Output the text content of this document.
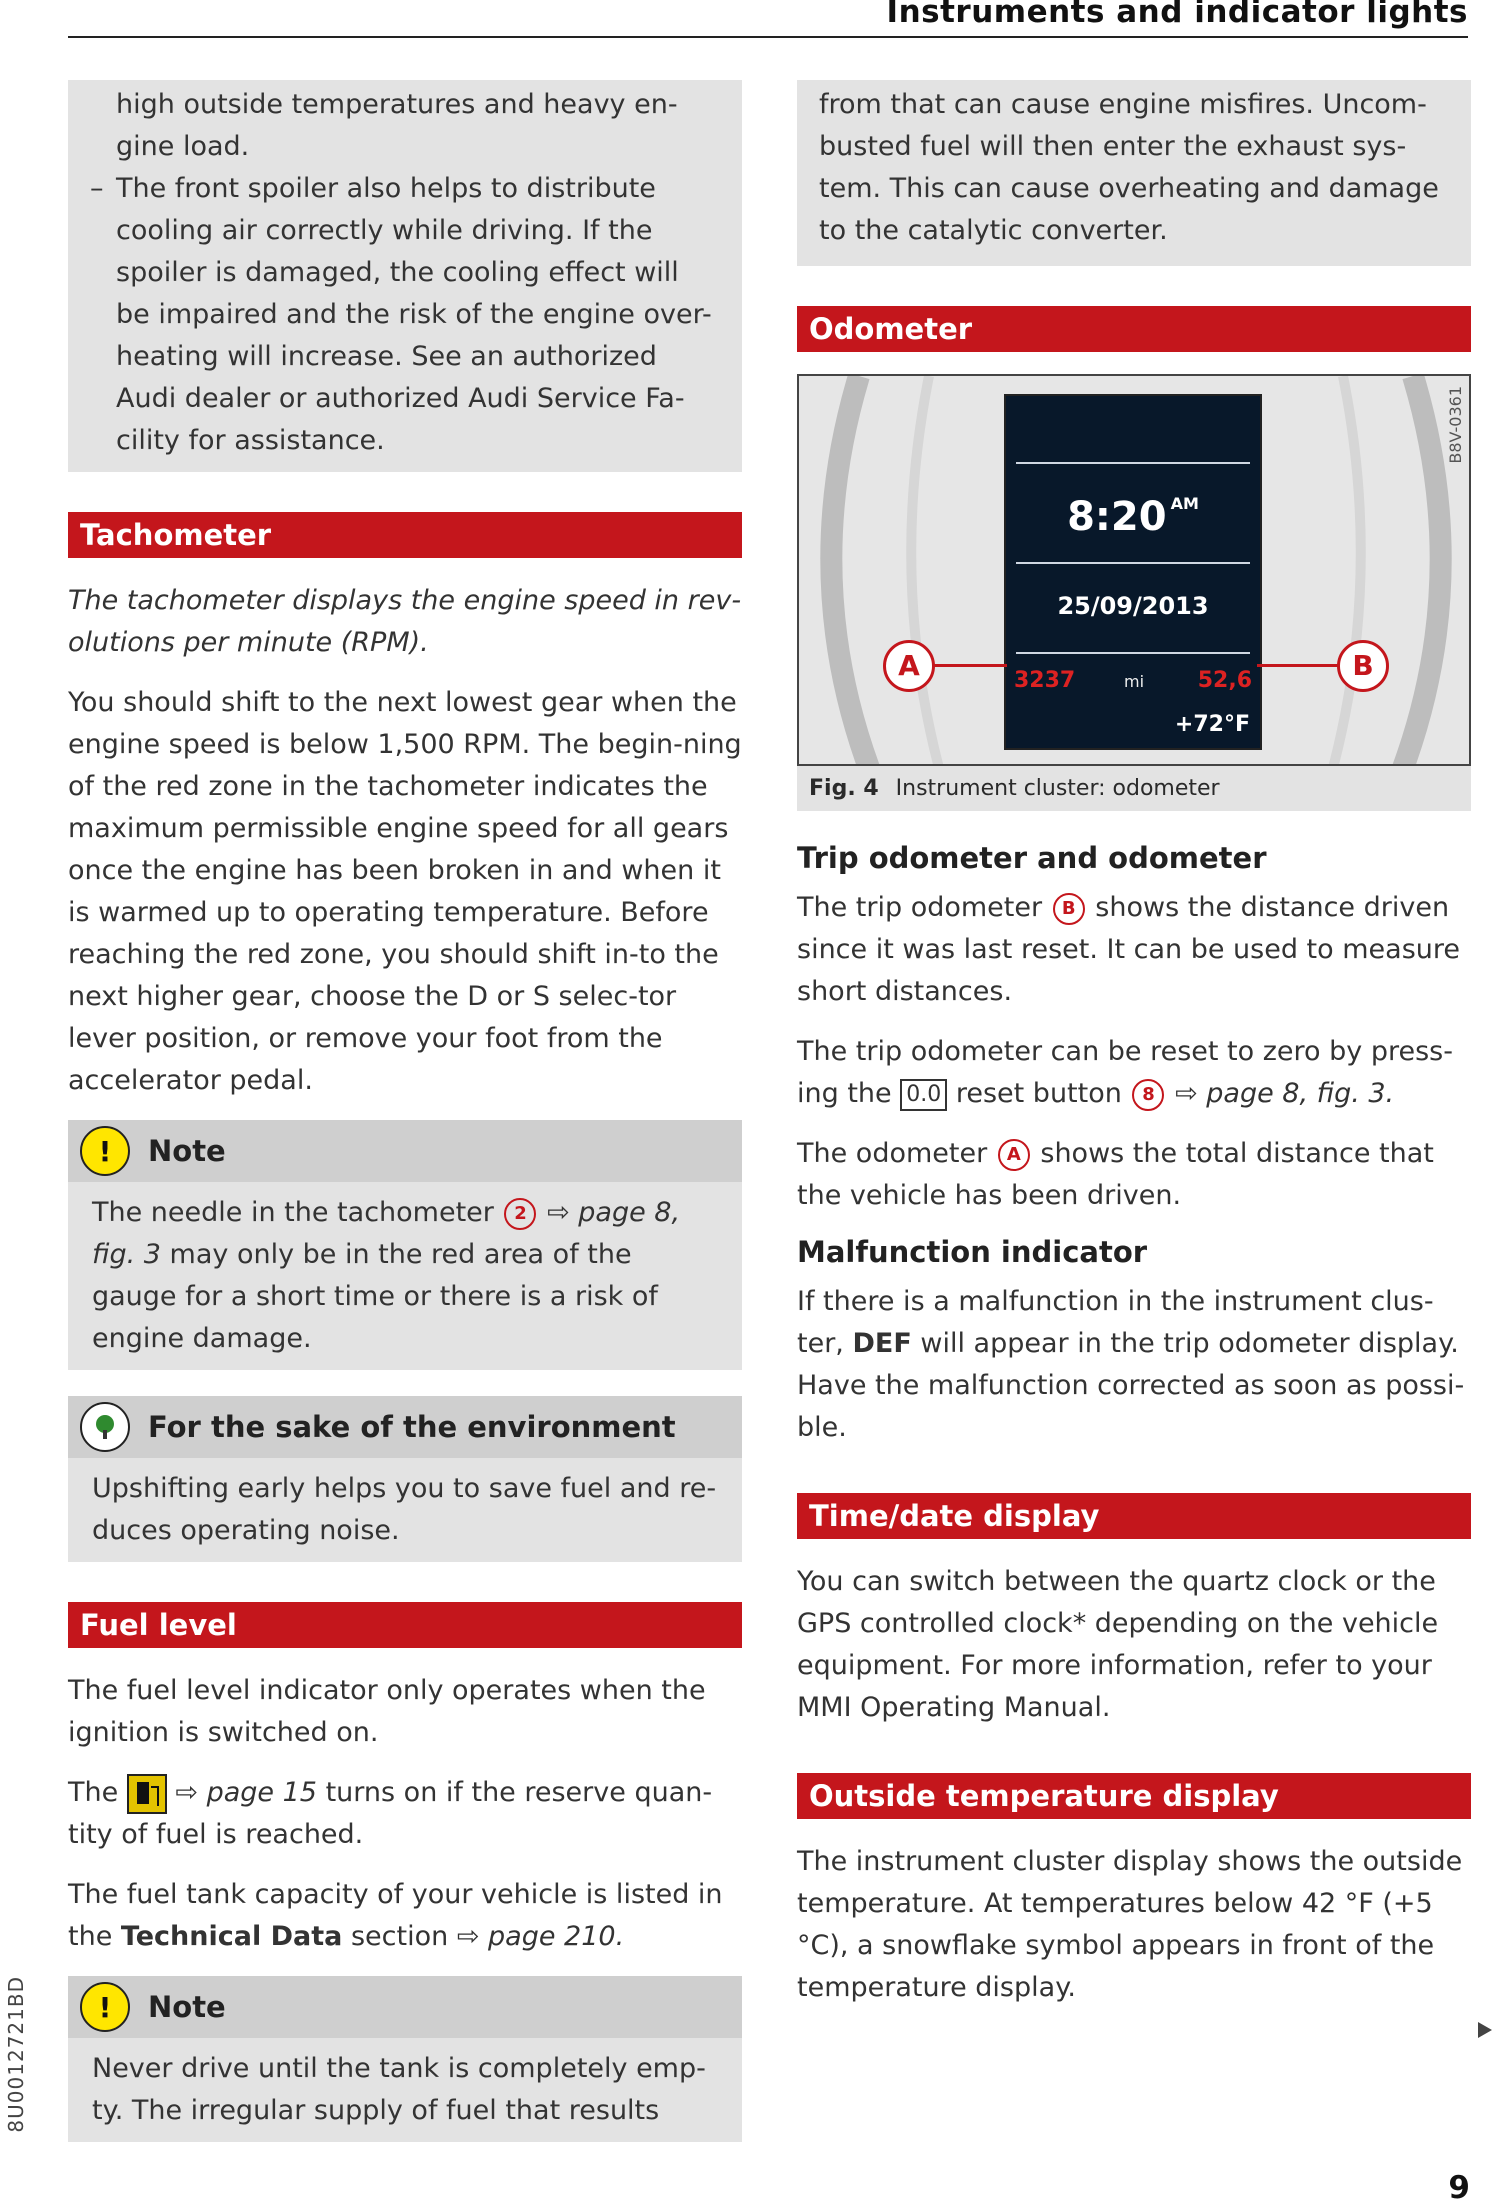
Instruments and indicator lights

high outside temperatures and heavy en-gine load.

– The front spoiler also helps to distribute cooling air correctly while driving. If the spoiler is damaged, the cooling effect will be impaired and the risk of the engine over-heating will increase. See an authorized Audi dealer or authorized Audi Service Fa-cility for assistance.
Tachometer

The tachometer displays the engine speed in rev-olutions per minute (RPM).

You should shift to the next lowest gear when the engine speed is below 1,500 RPM. The begin-ning of the red zone in the tachometer indicates the maximum permissible engine speed for all gears once the engine has been broken in and when it is warmed up to operating temperature. Before reaching the red zone, you should shift in-to the next higher gear, choose the D or S selec-tor lever position, or remove your foot from the accelerator pedal.

!	Note

The needle in the tachometer 2 ⇨ page 8, fig. 3 may only be in the red area of the gauge for a short time or there is a risk of engine damage.

For the sake of the environment

Upshifting early helps you to save fuel and re-duces operating noise.

Fuel level

The fuel level indicator only operates when the ignition is switched on.

The ⇨ page 15 turns on if the reserve quan-tity of fuel is reached.

The fuel tank capacity of your vehicle is listed in the Technical Data section ⇨ page 210.

!	Note

Never drive until the tank is completely emp-ty. The irregular supply of fuel that results

from that can cause engine misfires. Uncom-busted fuel will then enter the exhaust sys-tem. This can cause overheating and damage to the catalytic converter.

Odometer
8:20 $^{AM}$
25/09/2013
3237	mi 52,6
+72°F
A	B
B8V-0361
Fig. 4 Instrument cluster: odometer
Trip odometer and odometer

The trip odometer B shows the distance driven since it was last reset. It can be used to measure short distances.

The trip odometer can be reset to zero by press-ing the 0.0 reset button 8 ⇨ page 8, fig. 3.

The odometer A shows the total distance that the vehicle has been driven.

Malfunction indicator

If there is a malfunction in the instrument clus-ter, DEF will appear in the trip odometer display. Have the malfunction corrected as soon as possi-ble.

Time/date display

You can switch between the quartz clock or the GPS controlled clock* depending on the vehicle equipment. For more information, refer to your MMI Operating Manual.

Outside temperature display

The instrument cluster display shows the outside temperature. At temperatures below 42 °F (+5 °C), a snowflake symbol appears in front of the temperature display.

8U0012721BD
9
